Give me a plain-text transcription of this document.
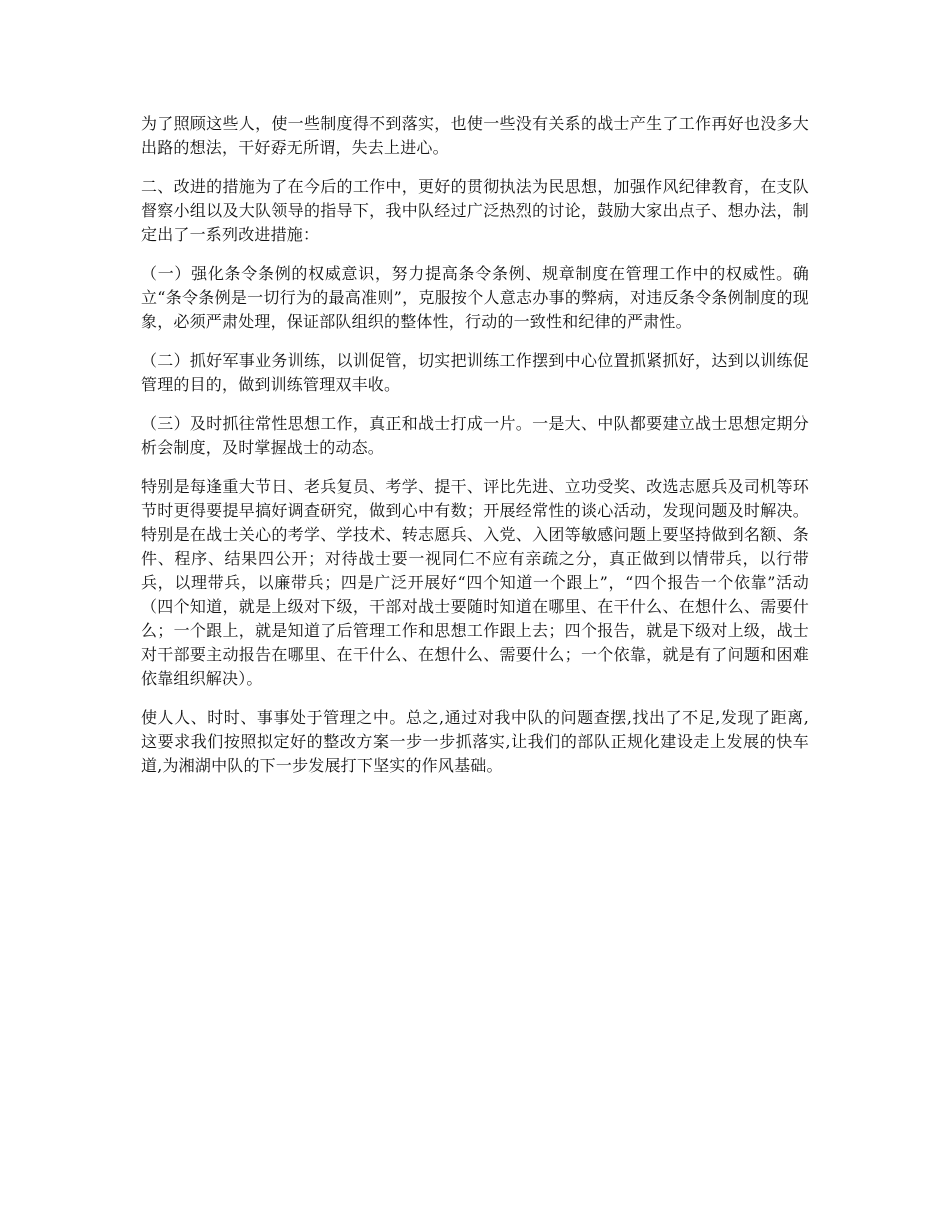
为了照顾这些人，使一些制度得不到落实，也使一些没有关系的战士产生了工作再好也没多大出路的想法，干好孬无所谓，失去上进心。

二、改进的措施为了在今后的工作中，更好的贯彻执法为民思想，加强作风纪律教育，在支队督察小组以及大队领导的指导下，我中队经过广泛热烈的讨论，鼓励大家出点子、想办法，制定出了一系列改进措施：

（一）强化条令条例的权威意识，努力提高条令条例、规章制度在管理工作中的权威性。确立“条令条例是一切行为的最高准则”，克服按个人意志办事的弊病，对违反条令条例制度的现象，必须严肃处理，保证部队组织的整体性，行动的一致性和纪律的严肃性。

（二）抓好军事业务训练，以训促管，切实把训练工作摆到中心位置抓紧抓好，达到以训练促管理的目的，做到训练管理双丰收。

（三）及时抓往常性思想工作，真正和战士打成一片。一是大、中队都要建立战士思想定期分析会制度，及时掌握战士的动态。

特别是每逢重大节日、老兵复员、考学、提干、评比先进、立功受奖、改选志愿兵及司机等环节时更得要提早搞好调查研究，做到心中有数；开展经常性的谈心活动，发现问题及时解决。特别是在战士关心的考学、学技术、转志愿兵、入党、入团等敏感问题上要坚持做到名额、条件、程序、结果四公开；对待战士要一视同仁不应有亲疏之分，真正做到以情带兵，以行带兵，以理带兵，以廉带兵；四是广泛开展好“四个知道一个跟上”，“四个报告一个依靠”活动（四个知道，就是上级对下级，干部对战士要随时知道在哪里、在干什么、在想什么、需要什么；一个跟上，就是知道了后管理工作和思想工作跟上去；四个报告，就是下级对上级，战士对干部要主动报告在哪里、在干什么、在想什么、需要什么；一个依靠，就是有了问题和困难依靠组织解决）。

使人人、时时、事事处于管理之中。总之,通过对我中队的问题查摆,找出了不足,发现了距离,这要求我们按照拟定好的整改方案一步一步抓落实,让我们的部队正规化建设走上发展的快车道,为湘湖中队的下一步发展打下坚实的作风基础。
